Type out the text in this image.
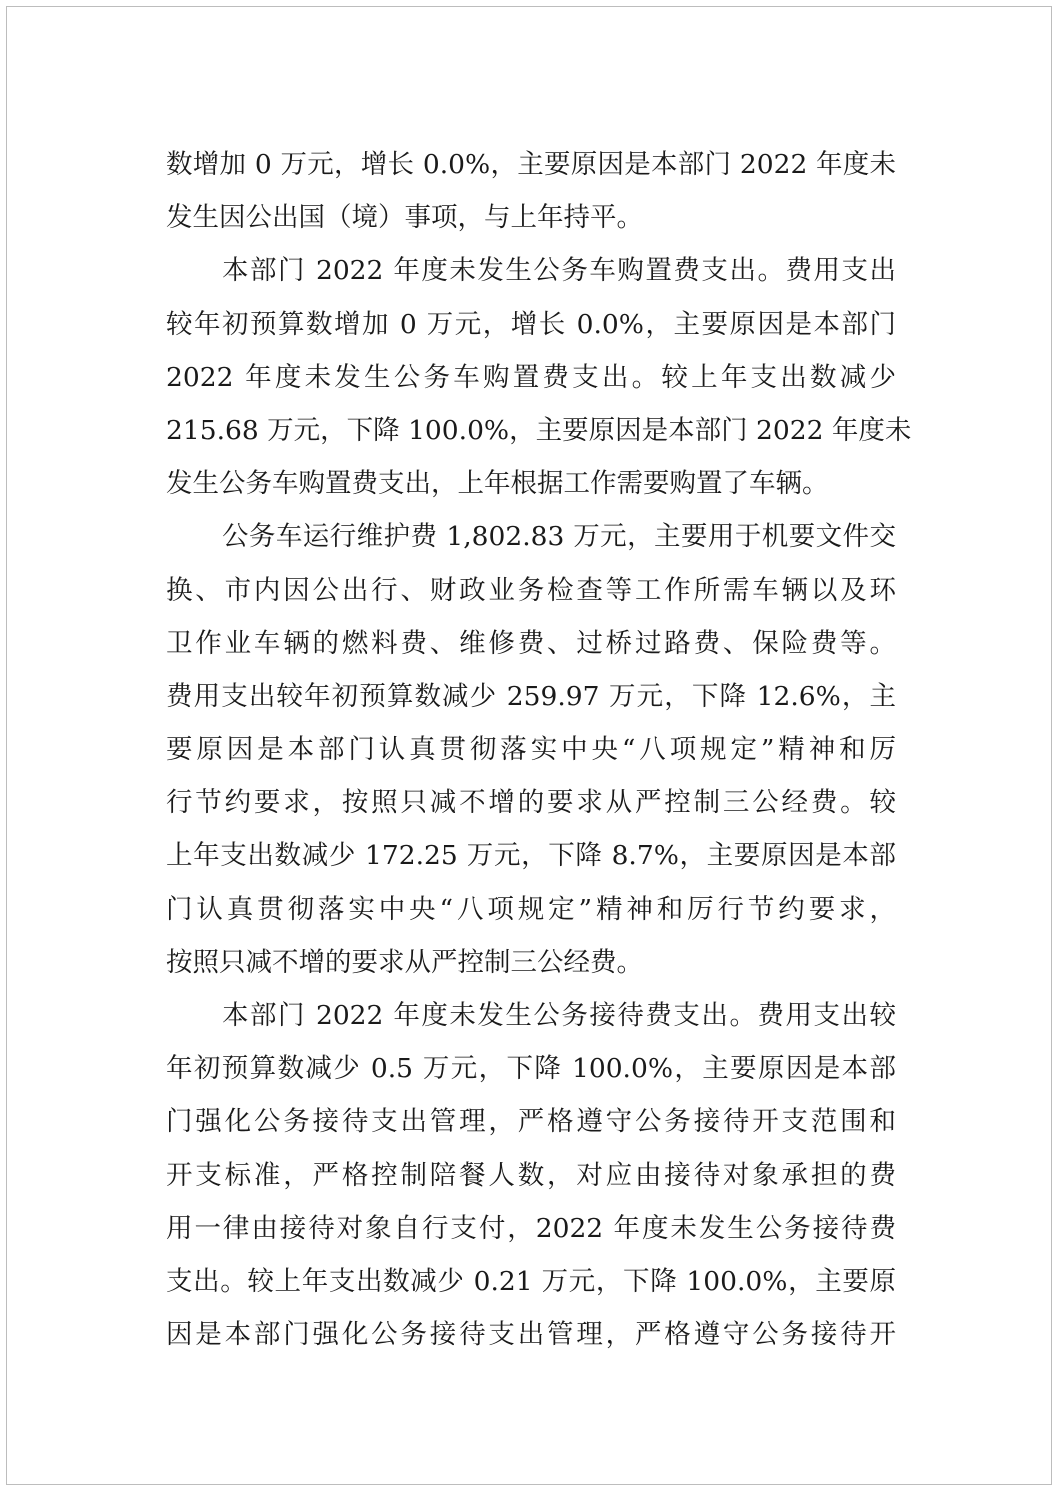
数增加 0 万元，增长 0.0%，主要原因是本部门 2022 年度未
发生因公出国（境）事项，与上年持平。
本部门 2022 年度未发生公务车购置费支出。费用支出
较年初预算数增加 0 万元，增长 0.0%，主要原因是本部门
2022 年度未发生公务车购置费支出。较上年支出数减少
215.68 万元，下降 100.0%，主要原因是本部门 2022 年度未
发生公务车购置费支出，上年根据工作需要购置了车辆。
公务车运行维护费 1,802.83 万元，主要用于机要文件交
换、市内因公出行、财政业务检查等工作所需车辆以及环
卫作业车辆的燃料费、维修费、过桥过路费、保险费等。
费用支出较年初预算数减少 259.97 万元，下降 12.6%，主
要原因是本部门认真贯彻落实中央“八项规定”精神和厉
行节约要求，按照只减不增的要求从严控制三公经费。较
上年支出数减少 172.25 万元，下降 8.7%，主要原因是本部
门认真贯彻落实中央“八项规定”精神和厉行节约要求，
按照只减不增的要求从严控制三公经费。
本部门 2022 年度未发生公务接待费支出。费用支出较
年初预算数减少 0.5 万元，下降 100.0%，主要原因是本部
门强化公务接待支出管理，严格遵守公务接待开支范围和
开支标准，严格控制陪餐人数，对应由接待对象承担的费
用一律由接待对象自行支付，2022 年度未发生公务接待费
支出。较上年支出数减少 0.21 万元，下降 100.0%，主要原
因是本部门强化公务接待支出管理，严格遵守公务接待开
